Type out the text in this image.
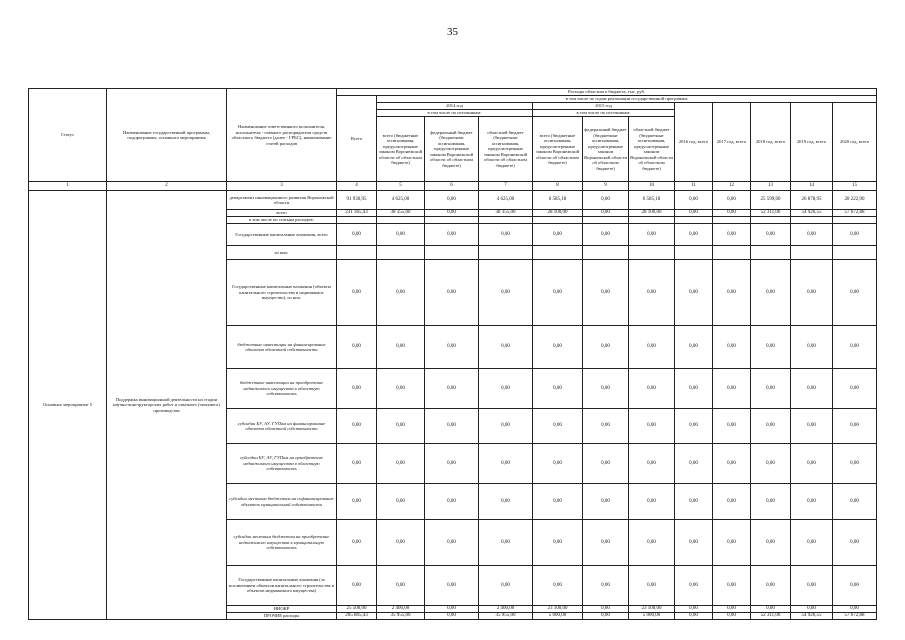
35
Статус	Наименование государственной программы, подпрограммы, основного мероприятия	Наименование ответственного исполнителя, исполнителя - главного распорядителя средств областного бюджета (далее - ГРБС), наименование статей расходов	Расходы областного бюджета, тыс. руб.											
			Всего	в том числе по годам реализации государственной программы										
				2014 год			2015 год			2016 год, всего	2017 год, всего	2018 год, всего	2019 год, всего	2020 год, всего
				в том числе по источникам:			в том числе по источникам:							
				всего (бюджетные ассигнования, предусмотренные законом Воронежской области об областном бюджете)	федеральный бюджет (бюджетные ассигнования, предусмотренные законом Воронежской области об областном бюджете)	областной бюджет (бюджетные ассигнования, предусмотренные законом Воронежской области об областном бюджете)	всего (бюджетные ассигнования, предусмотренные законом Воронежской области об областном бюджете)	федеральный бюджет (бюджетные ассигнования, предусмотренные законом Воронежской области об областном бюджете)	областной бюджет (бюджетные ассигнования, предусмотренные законом Воронежской области об областном бюджете)					
1	2	3	4	5	6	7	8	9	10	11	12	13	14	15
Основное мероприятие 5	Поддержка инновационной деятельности на стадии научно-конструкторских работ и опытного (опытного) производства	департамент инновационного развития Воронежской области	91 930,95	4 625,00	0,00	4 625,00	6 585,18	0,00	6 585,18	0,00	0,00	25 599,00	26 878,95	28 222,90
		всего	231 365,43	38 355,00	0,00	38 355,00	28 100,00	0,00	28 100,00	0,00	0,00	52 311,00	54 926,55	57 672,88
		в том числе по статьям расходов:												
		Государственные капитальные вложения, всего	0,00	0,00	0,00	0,00	0,00	0,00	0,00	0,00	0,00	0,00	0,00	0,00
		из них:												
		Государственные капитальные вложения (объекты капитального строительства и недвижимое имущество), из них:	0,00	0,00	0,00	0,00	0,00	0,00	0,00	0,00	0,00	0,00	0,00	0,00
		бюджетные инвестиции на финансирование объектов областной собственности	0,00	0,00	0,00	0,00	0,00	0,00	0,00	0,00	0,00	0,00	0,00	0,00
		бюджетные инвестиции на приобретение недвижимого имущества в областную собственность	0,00	0,00	0,00	0,00	0,00	0,00	0,00	0,00	0,00	0,00	0,00	0,00
		субсидии БУ, АУ, ГУПам на финансирование объектов областной собственности	0,00	0,00	0,00	0,00	0,00	0,00	0,00	0,00	0,00	0,00	0,00	0,00
		субсидии БУ, АУ, ГУПам на приобретение недвижимого имущества в областную собственность	0,00	0,00	0,00	0,00	0,00	0,00	0,00	0,00	0,00	0,00	0,00	0,00
		субсидии местным бюджетам на софинансирование объектов муниципальной собственности	0,00	0,00	0,00	0,00	0,00	0,00	0,00	0,00	0,00	0,00	0,00	0,00
		субсидии местным бюджетам на приобретение недвижимого имущества в муниципальную собственность	0,00	0,00	0,00	0,00	0,00	0,00	0,00	0,00	0,00	0,00	0,00	0,00
		Государственные капитальные вложения (за исключением объектов капитального строительства и объектов недвижимого имущества)	0,00	0,00	0,00	0,00	0,00	0,00	0,00	0,00	0,00	0,00	0,00	0,00
		НИОКР	25 500,00	2 400,00	0,00	2 400,00	23 100,00	0,00	23 100,00	0,00	0,00	0,00	0,00	0,00
		ПРОЧИЕ расходы	205 865,43	35 955,00	0,00	35 955,00	5 000,00	0,00	5 000,00	0,00	0,00	52 311,00	54 926,55	57 672,88
